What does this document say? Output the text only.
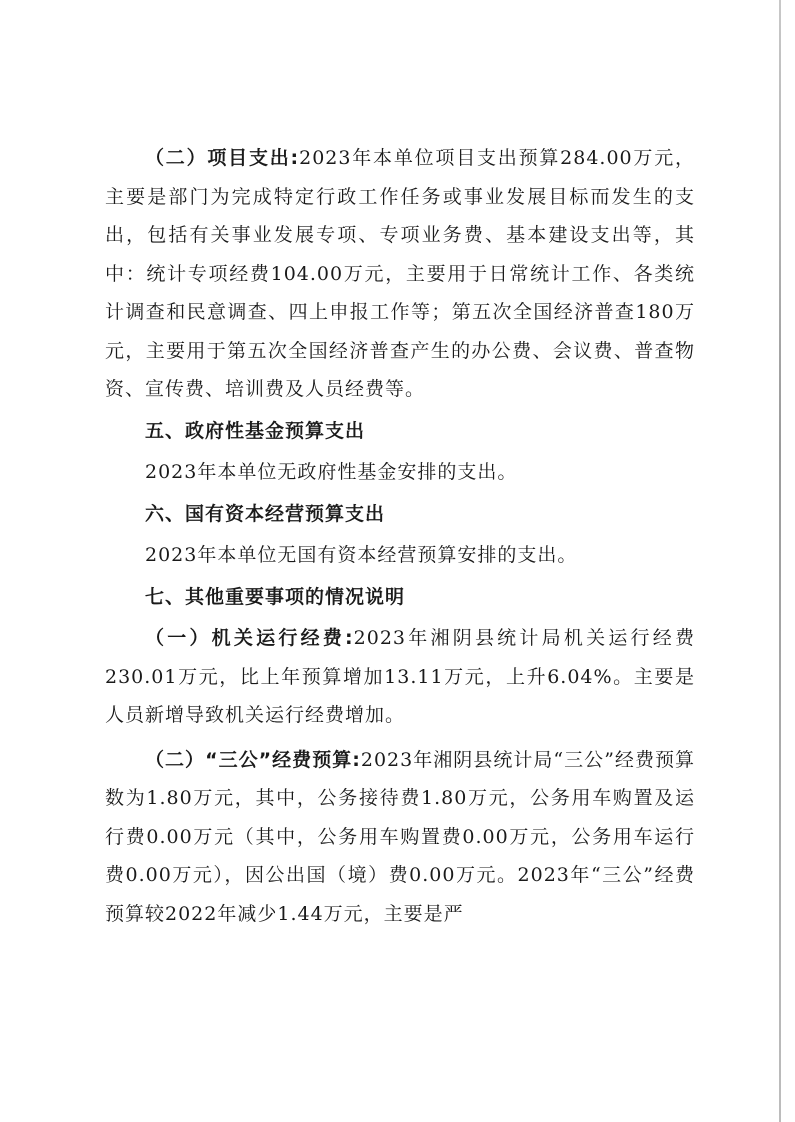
（二）项目支出:2023年本单位项目支出预算284.00万元，主要是部门为完成特定行政工作任务或事业发展目标而发生的支出，包括有关事业发展专项、专项业务费、基本建设支出等，其中：统计专项经费104.00万元，主要用于日常统计工作、各类统计调查和民意调查、四上申报工作等；第五次全国经济普查180万元，主要用于第五次全国经济普查产生的办公费、会议费、普查物资、宣传费、培训费及人员经费等。

五、政府性基金预算支出

2023年本单位无政府性基金安排的支出。

六、国有资本经营预算支出

2023年本单位无国有资本经营预算安排的支出。

七、其他重要事项的情况说明

（一）机关运行经费:2023年湘阴县统计局机关运行经费230.01万元，比上年预算增加13.11万元，上升6.04%。主要是人员新增导致机关运行经费增加。

（二）“三公”经费预算:2023年湘阴县统计局“三公”经费预算数为1.80万元，其中，公务接待费1.80万元，公务用车购置及运行费0.00万元（其中，公务用车购置费0.00万元，公务用车运行费0.00万元），因公出国（境）费0.00万元。2023年“三公”经费预算较2022年减少1.44万元，主要是严
